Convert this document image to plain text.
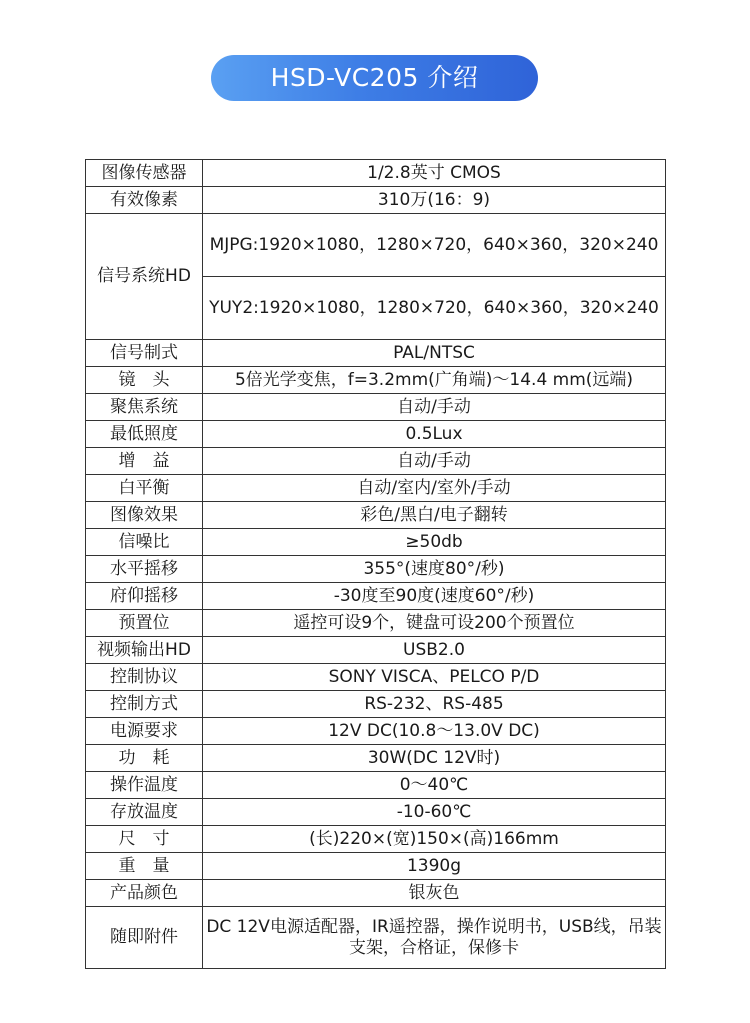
HSD-VC205 介绍
图像传感器	1/2.8英寸 CMOS
有效像素	310万(16：9)
信号系统HD	MJPG:1920×1080，1280×720，640×360，320×240
	YUY2:1920×1080，1280×720，640×360，320×240
信号制式	PAL/NTSC
镜　头	5倍光学变焦，f=3.2mm(广角端)～14.4 mm(远端)
聚焦系统	自动/手动
最低照度	0.5Lux
增　益	自动/手动
白平衡	自动/室内/室外/手动
图像效果	彩色/黑白/电子翻转
信噪比	≥50db
水平摇移	355°(速度80°/秒)
府仰摇移	-30度至90度(速度60°/秒)
预置位	遥控可设9个，键盘可设200个预置位
视频输出HD	USB2.0
控制协议	SONY VISCA、PELCO P/D
控制方式	RS-232、RS-485
电源要求	12V DC(10.8～13.0V DC)
功　耗	30W(DC 12V时)
操作温度	0～40℃
存放温度	-10-60℃
尺　寸	(长)220×(宽)150×(高)166mm
重　量	1390g
产品颜色	银灰色
随即附件	DC 12V电源适配器，IR遥控器，操作说明书，USB线，吊装支架，合格证，保修卡
